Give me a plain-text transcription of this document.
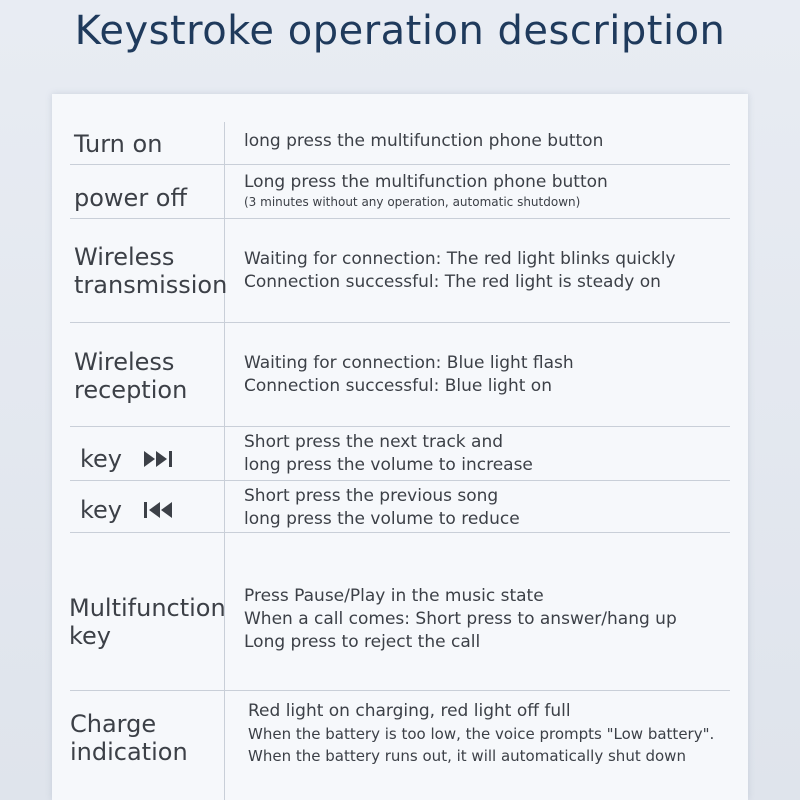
Keystroke operation description
Turn on	long press the multifunction phone button
power off
Long press the multifunction phone button
(3 minutes without any operation, automatic shutdown)
Wireless
transmission
Waiting for connection: The red light blinks quickly
Connection successful: The red light is steady on
Wireless
reception
Waiting for connection: Blue light flash
Connection successful: Blue light on
key
Short press the next track and
long press the volume to increase
key	Short press the previous song
long press the volume to reduce
Multifunction
key
Press Pause/Play in the music state
When a call comes: Short press to answer/hang up
Long press to reject the call
Charge
indication
Red light on charging, red light off full
When the battery is too low, the voice prompts "Low battery".
When the battery runs out, it will automatically shut down
